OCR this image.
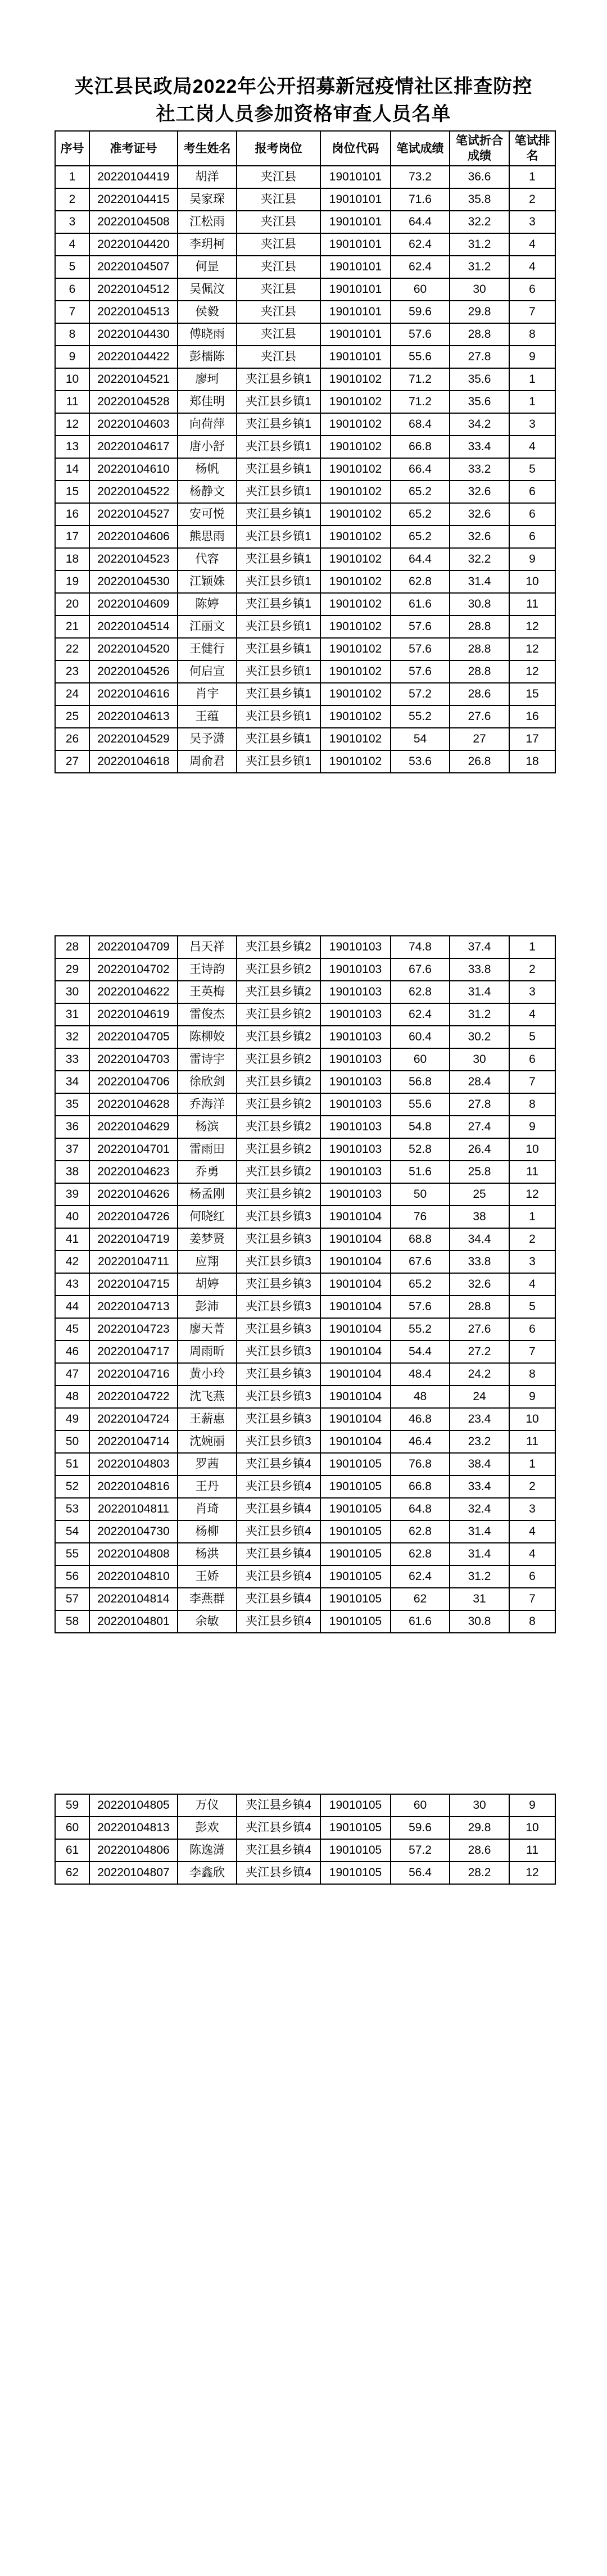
夹江县民政局2022年公开招募新冠疫情社区排查防控
社工岗人员参加资格审查人员名单
序号	准考证号	考生姓名	报考岗位	岗位代码	笔试成绩	笔试折合成绩	笔试排名
1	20220104419	胡洋	夹江县	19010101	73.2	36.6	1
2	20220104415	吴家琛	夹江县	19010101	71.6	35.8	2
3	20220104508	江松雨	夹江县	19010101	64.4	32.2	3
4	20220104420	李玥柯	夹江县	19010101	62.4	31.2	4
5	20220104507	何昰	夹江县	19010101	62.4	31.2	4
6	20220104512	吴佩汶	夹江县	19010101	60	30	6
7	20220104513	侯毅	夹江县	19010101	59.6	29.8	7
8	20220104430	傅晓雨	夹江县	19010101	57.6	28.8	8
9	20220104422	彭檽陈	夹江县	19010101	55.6	27.8	9
10	20220104521	廖珂	夹江县乡镇1	19010102	71.2	35.6	1
11	20220104528	郑佳明	夹江县乡镇1	19010102	71.2	35.6	1
12	20220104603	向荷萍	夹江县乡镇1	19010102	68.4	34.2	3
13	20220104617	唐小舒	夹江县乡镇1	19010102	66.8	33.4	4
14	20220104610	杨帆	夹江县乡镇1	19010102	66.4	33.2	5
15	20220104522	杨静文	夹江县乡镇1	19010102	65.2	32.6	6
16	20220104527	安可悦	夹江县乡镇1	19010102	65.2	32.6	6
17	20220104606	熊思雨	夹江县乡镇1	19010102	65.2	32.6	6
18	20220104523	代容	夹江县乡镇1	19010102	64.4	32.2	9
19	20220104530	江颖姝	夹江县乡镇1	19010102	62.8	31.4	10
20	20220104609	陈婷	夹江县乡镇1	19010102	61.6	30.8	11
21	20220104514	江丽文	夹江县乡镇1	19010102	57.6	28.8	12
22	20220104520	王健行	夹江县乡镇1	19010102	57.6	28.8	12
23	20220104526	何启宣	夹江县乡镇1	19010102	57.6	28.8	12
24	20220104616	肖宇	夹江县乡镇1	19010102	57.2	28.6	15
25	20220104613	王蕴	夹江县乡镇1	19010102	55.2	27.6	16
26	20220104529	吴予潇	夹江县乡镇1	19010102	54	27	17
27	20220104618	周俞君	夹江县乡镇1	19010102	53.6	26.8	18
28	20220104709	吕天祥	夹江县乡镇2	19010103	74.8	37.4	1
29	20220104702	王诗韵	夹江县乡镇2	19010103	67.6	33.8	2
30	20220104622	王英梅	夹江县乡镇2	19010103	62.8	31.4	3
31	20220104619	雷俊杰	夹江县乡镇2	19010103	62.4	31.2	4
32	20220104705	陈柳姣	夹江县乡镇2	19010103	60.4	30.2	5
33	20220104703	雷诗宇	夹江县乡镇2	19010103	60	30	6
34	20220104706	徐欣剑	夹江县乡镇2	19010103	56.8	28.4	7
35	20220104628	乔海洋	夹江县乡镇2	19010103	55.6	27.8	8
36	20220104629	杨滨	夹江县乡镇2	19010103	54.8	27.4	9
37	20220104701	雷雨田	夹江县乡镇2	19010103	52.8	26.4	10
38	20220104623	乔勇	夹江县乡镇2	19010103	51.6	25.8	11
39	20220104626	杨孟刚	夹江县乡镇2	19010103	50	25	12
40	20220104726	何晓红	夹江县乡镇3	19010104	76	38	1
41	20220104719	姜梦贤	夹江县乡镇3	19010104	68.8	34.4	2
42	20220104711	应翔	夹江县乡镇3	19010104	67.6	33.8	3
43	20220104715	胡婷	夹江县乡镇3	19010104	65.2	32.6	4
44	20220104713	彭沛	夹江县乡镇3	19010104	57.6	28.8	5
45	20220104723	廖天菁	夹江县乡镇3	19010104	55.2	27.6	6
46	20220104717	周雨昕	夹江县乡镇3	19010104	54.4	27.2	7
47	20220104716	黄小玲	夹江县乡镇3	19010104	48.4	24.2	8
48	20220104722	沈飞燕	夹江县乡镇3	19010104	48	24	9
49	20220104724	王薪惠	夹江县乡镇3	19010104	46.8	23.4	10
50	20220104714	沈婉丽	夹江县乡镇3	19010104	46.4	23.2	11
51	20220104803	罗茜	夹江县乡镇4	19010105	76.8	38.4	1
52	20220104816	王丹	夹江县乡镇4	19010105	66.8	33.4	2
53	20220104811	肖琦	夹江县乡镇4	19010105	64.8	32.4	3
54	20220104730	杨柳	夹江县乡镇4	19010105	62.8	31.4	4
55	20220104808	杨洪	夹江县乡镇4	19010105	62.8	31.4	4
56	20220104810	王娇	夹江县乡镇4	19010105	62.4	31.2	6
57	20220104814	李燕群	夹江县乡镇4	19010105	62	31	7
58	20220104801	余敏	夹江县乡镇4	19010105	61.6	30.8	8
59	20220104805	万仪	夹江县乡镇4	19010105	60	30	9
60	20220104813	彭欢	夹江县乡镇4	19010105	59.6	29.8	10
61	20220104806	陈逸潇	夹江县乡镇4	19010105	57.2	28.6	11
62	20220104807	李鑫欣	夹江县乡镇4	19010105	56.4	28.2	12
